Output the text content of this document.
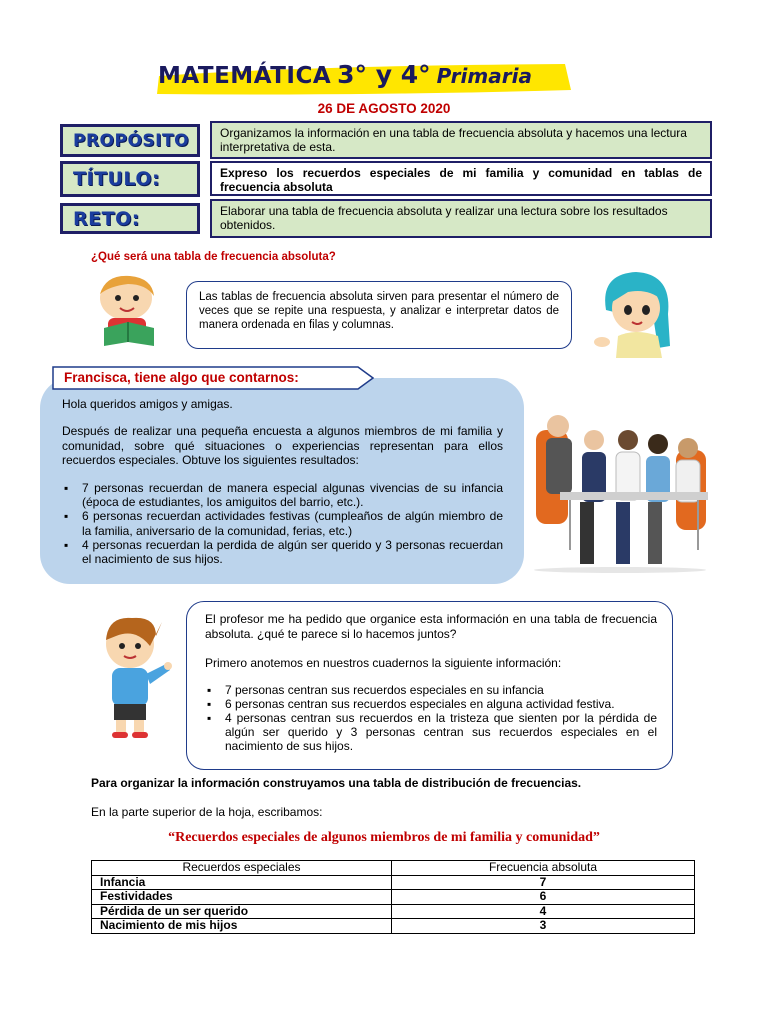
MATEMÁTICA 3° y 4° Primaria
26 DE AGOSTO 2020
PROPÓSITO	Organizamos la información en una tabla de frecuencia absoluta y hacemos una lectura interpretativa de esta.
TÍTULO:	Expreso los recuerdos especiales de mi familia y comunidad en tablas de frecuencia absoluta
RETO:	Elaborar una tabla de frecuencia absoluta y realizar una lectura sobre los resultados obtenidos.
¿Qué será una tabla de frecuencia absoluta?
Las tablas de frecuencia absoluta sirven para presentar el número de veces que se repite una respuesta, y analizar e interpretar datos de manera ordenada en filas y columnas.
Francisca, tiene algo que contarnos:
Hola queridos amigos y amigas.
Después de realizar una pequeña encuesta a algunos miembros de mi familia y comunidad, sobre qué situaciones o experiencias representan para ellos recuerdos especiales. Obtuve los siguientes resultados:
▪ 7 personas recuerdan de manera especial algunas vivencias de su infancia (época de estudiantes, los amiguitos del barrio, etc.).
▪ 6 personas recuerdan actividades festivas (cumpleaños de algún miembro de la familia, aniversario de la comunidad, ferias, etc.)
▪ 4 personas recuerdan la perdida de algún ser querido y 3 personas recuerdan el nacimiento de sus hijos.
El profesor me ha pedido que organice esta información en una tabla de frecuencia absoluta. ¿qué te parece si lo hacemos juntos?
Primero anotemos en nuestros cuadernos la siguiente información:
▪ 7 personas centran sus recuerdos especiales en su infancia
▪ 6 personas centran sus recuerdos especiales en alguna actividad festiva.
▪ 4 personas centran sus recuerdos en la tristeza que sienten por la pérdida de algún ser querido y 3 personas centran sus recuerdos especiales en el nacimiento de sus hijos.
Para organizar la información construyamos una tabla de distribución de frecuencias.
En la parte superior de la hoja, escribamos:
“Recuerdos especiales de algunos miembros de mi familia y comunidad”
Recuerdos especiales	Frecuencia absoluta
Infancia	7
Festividades	6
Pérdida de un ser querido	4
Nacimiento de mis hijos	3
